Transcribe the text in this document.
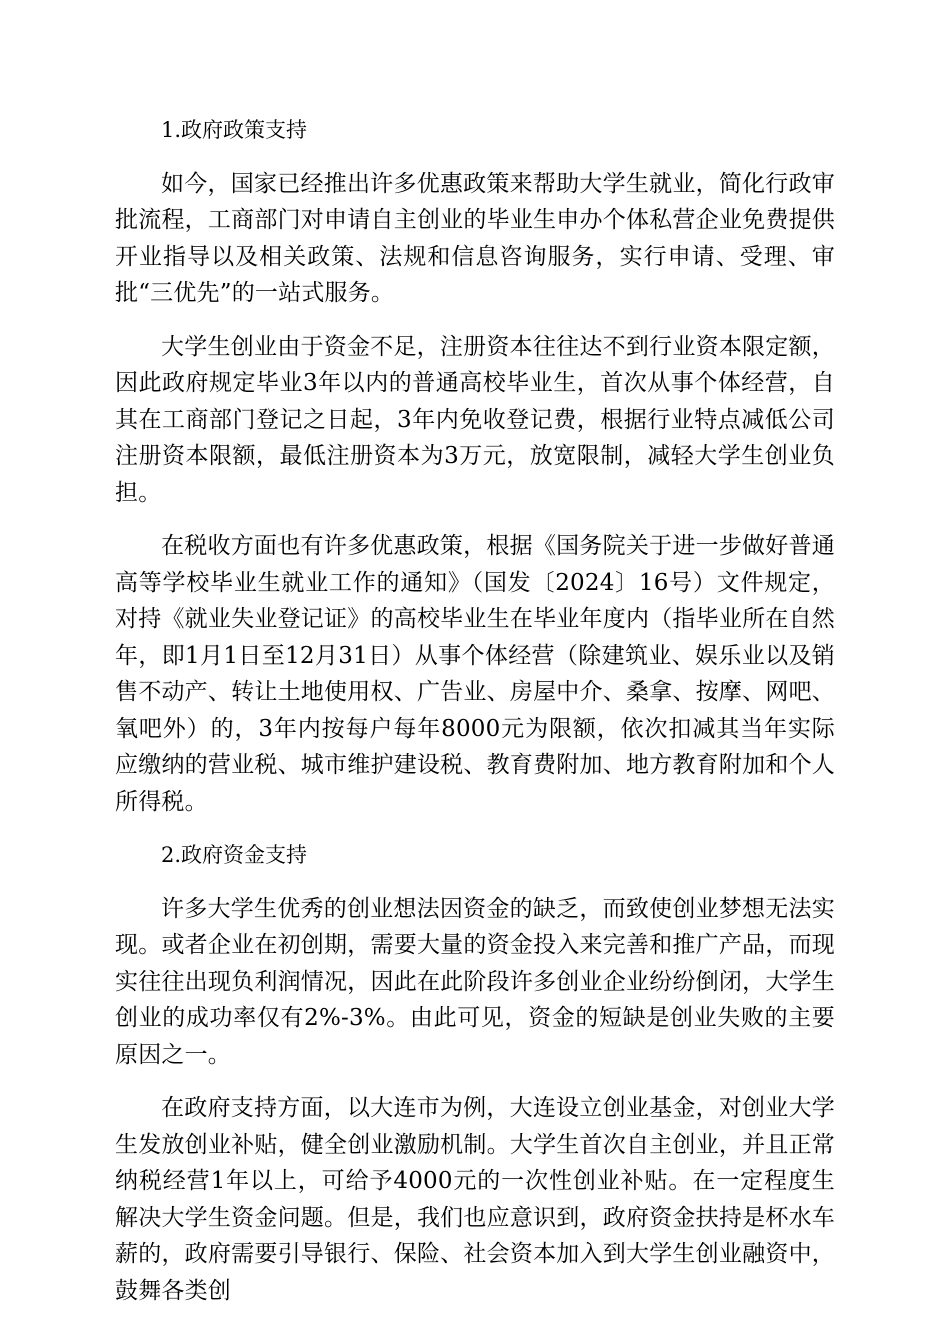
1.政府政策支持

如今，国家已经推出许多优惠政策来帮助大学生就业，简化行政审批流程，工商部门对申请自主创业的毕业生申办个体私营企业免费提供开业指导以及相关政策、法规和信息咨询服务，实行申请、受理、审批“三优先”的一站式服务。

大学生创业由于资金不足，注册资本往往达不到行业资本限定额，因此政府规定毕业3年以内的普通高校毕业生，首次从事个体经营，自其在工商部门登记之日起，3年内免收登记费，根据行业特点减低公司注册资本限额，最低注册资本为3万元，放宽限制，减轻大学生创业负担。

在税收方面也有许多优惠政策，根据《国务院关于进一步做好普通高等学校毕业生就业工作的通知》（国发〔2024〕16号）文件规定，对持《就业失业登记证》的高校毕业生在毕业年度内（指毕业所在自然年，即1月1日至12月31日）从事个体经营（除建筑业、娱乐业以及销售不动产、转让土地使用权、广告业、房屋中介、桑拿、按摩、网吧、氧吧外）的，3年内按每户每年8000元为限额，依次扣减其当年实际应缴纳的营业税、城市维护建设税、教育费附加、地方教育附加和个人所得税。

2.政府资金支持

许多大学生优秀的创业想法因资金的缺乏，而致使创业梦想无法实现。或者企业在初创期，需要大量的资金投入来完善和推广产品，而现实往往出现负利润情况，因此在此阶段许多创业企业纷纷倒闭，大学生创业的成功率仅有2%-3%。由此可见，资金的短缺是创业失败的主要原因之一。

在政府支持方面，以大连市为例，大连设立创业基金，对创业大学生发放创业补贴，健全创业激励机制。大学生首次自主创业，并且正常纳税经营1年以上，可给予4000元的一次性创业补贴。在一定程度生解决大学生资金问题。但是，我们也应意识到，政府资金扶持是杯水车薪的，政府需要引导银行、保险、社会资本加入到大学生创业融资中，鼓舞各类创
